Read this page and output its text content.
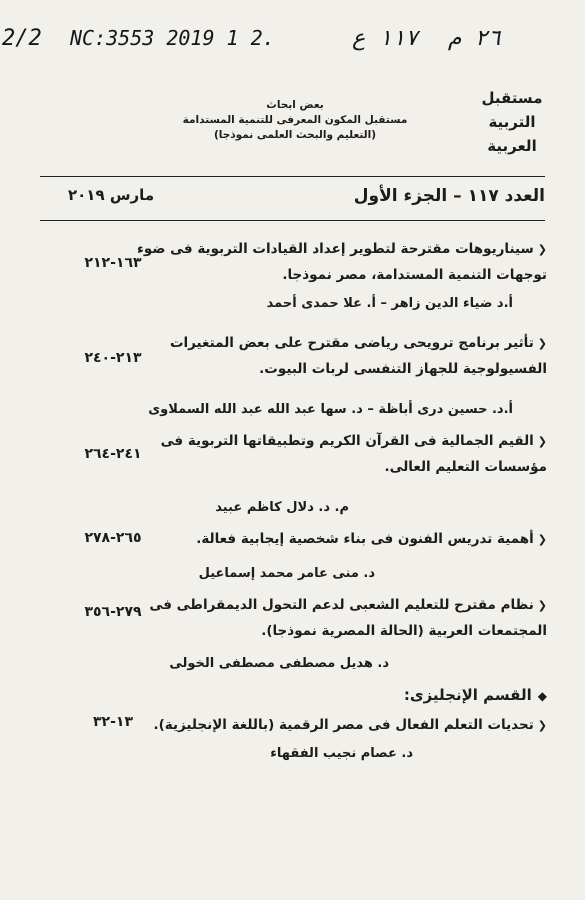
2/2 NC:3553 2019 1 2.	١١٧ ع ٢٦ م
مستقبل
التربية
العربية
بعض ابحاث
مستقبل المكون المعرفى للتنمية المستدامة
(التعليم والبحث العلمى نموذجا)
العدد ١١٧ – الجزء الأول
مارس ٢٠١٩
❮سيناريوهات مقترحة لتطوير إعداد القيادات التربوية فى ضوء
توجهات التنمية المستدامة، مصر نموذجا.
١٦٣-٢١٢
أ.د ضياء الدين زاهر – أ. علا حمدى أحمد
❮تأثير برنامج ترويحى رياضى مقترح على بعض المتغيرات
الفسيولوجية للجهاز التنفسى لربات البيوت.
٢١٣-٢٤٠
أ.د. حسين درى أباظة – د. سها عبد الله عبد الله السملاوى
❮القيم الجمالية فى القرآن الكريم وتطبيقاتها التربوية فى
مؤسسات التعليم العالى.
٢٤١-٢٦٤
م. د. دلال كاظم عبيد
❮أهمية تدريس الفنون فى بناء شخصية إيجابية فعالة.
٢٦٥-٢٧٨
د. منى عامر محمد إسماعيل
❮نظام مقترح للتعليم الشعبى لدعم التحول الديمقراطى فى
المجتمعات العربية (الحالة المصرية نموذجا).
٢٧٩-٣٥٦
د. هديل مصطفى مصطفى الخولى
◆القسم الإنجليزى:
❮تحديات التعلم الفعال فى مصر الرقمية (باللغة الإنجليزية).
١٣-٣٢
د. عصام نجيب الفقهاء
